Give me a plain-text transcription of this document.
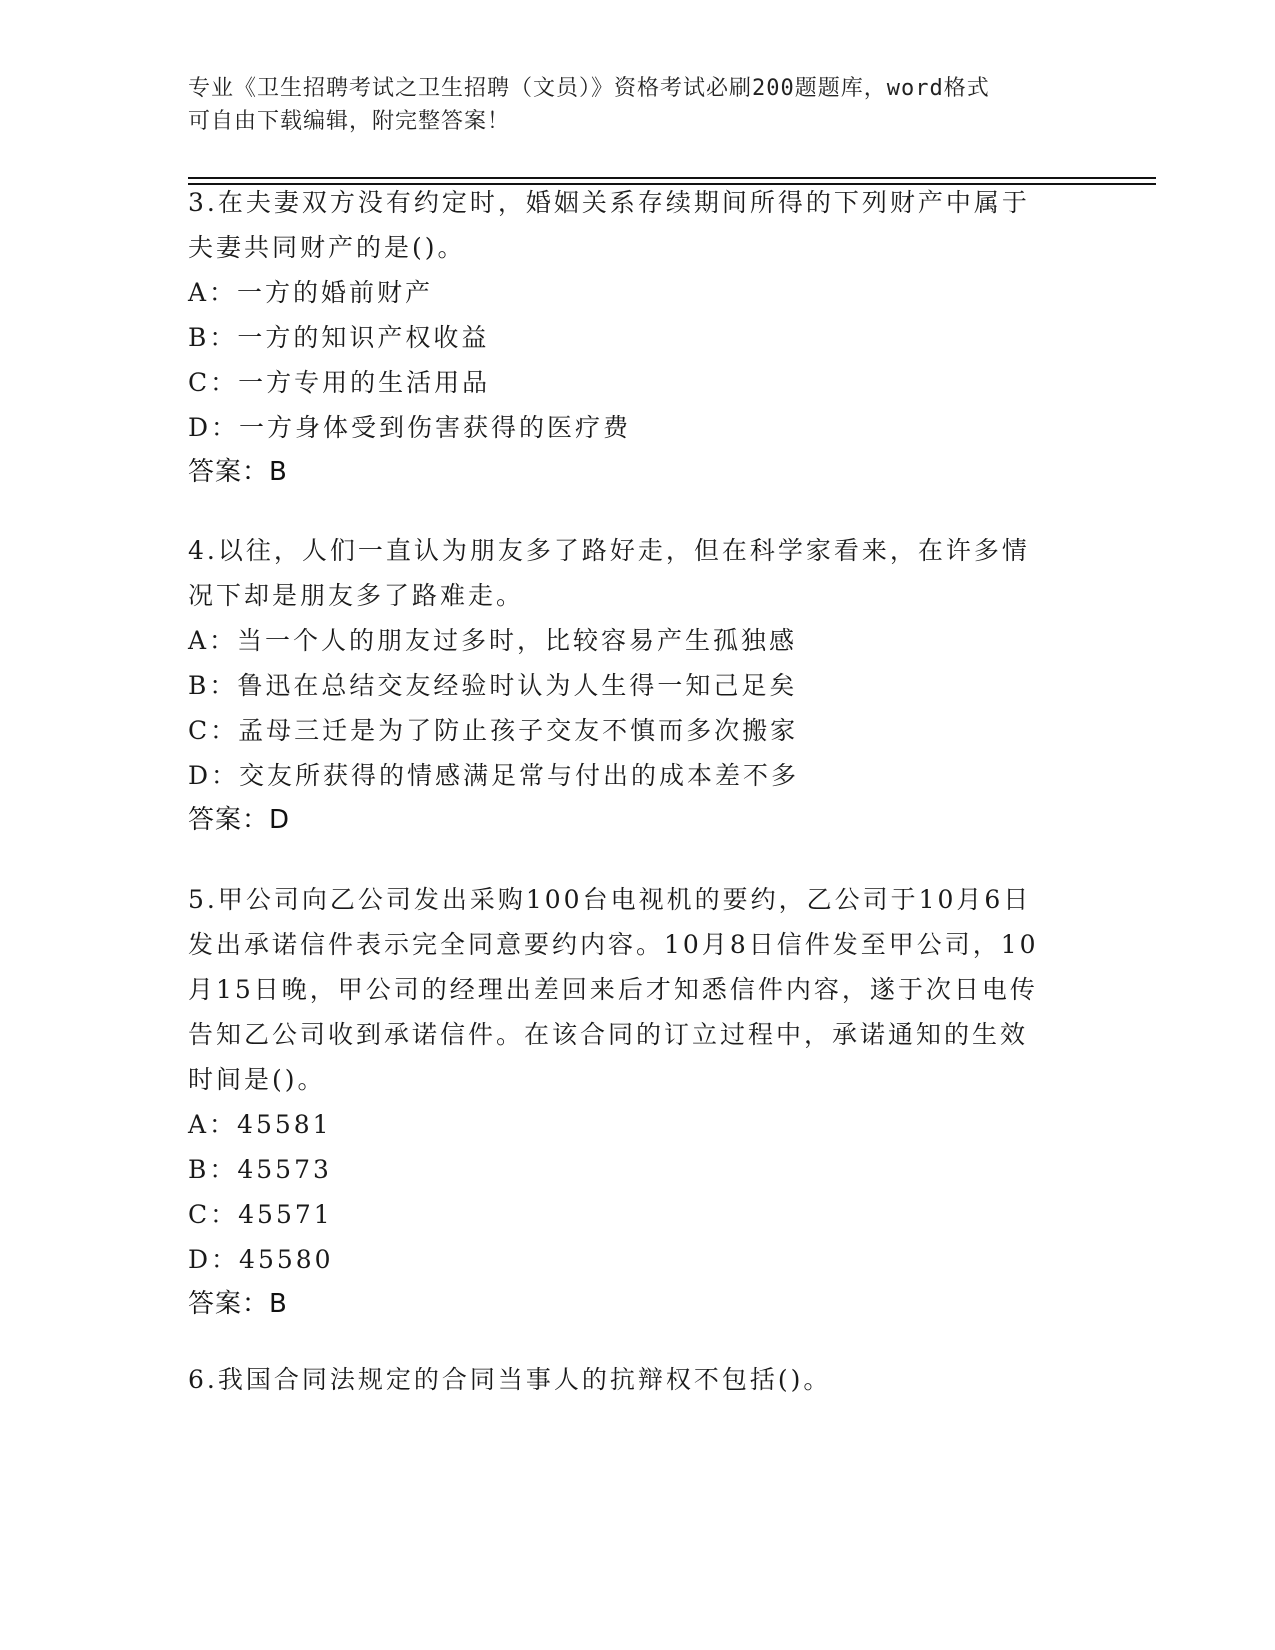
专业《卫生招聘考试之卫生招聘（文员）》资格考试必刷200题题库，word格式

可自由下载编辑，附完整答案！

3.在夫妻双方没有约定时，婚姻关系存续期间所得的下列财产中属于

夫妻共同财产的是()。

A：一方的婚前财产

B：一方的知识产权收益

C：一方专用的生活用品

D：一方身体受到伤害获得的医疗费

答案：B

4.以往，人们一直认为朋友多了路好走，但在科学家看来，在许多情

况下却是朋友多了路难走。

A：当一个人的朋友过多时，比较容易产生孤独感

B：鲁迅在总结交友经验时认为人生得一知己足矣

C：孟母三迁是为了防止孩子交友不慎而多次搬家

D：交友所获得的情感满足常与付出的成本差不多

答案：D

5.甲公司向乙公司发出采购100台电视机的要约，乙公司于10月6日

发出承诺信件表示完全同意要约内容。10月8日信件发至甲公司，10

月15日晚，甲公司的经理出差回来后才知悉信件内容，遂于次日电传

告知乙公司收到承诺信件。在该合同的订立过程中，承诺通知的生效

时间是()。

A：45581

B：45573

C：45571

D：45580

答案：B

6.我国合同法规定的合同当事人的抗辩权不包括()。
